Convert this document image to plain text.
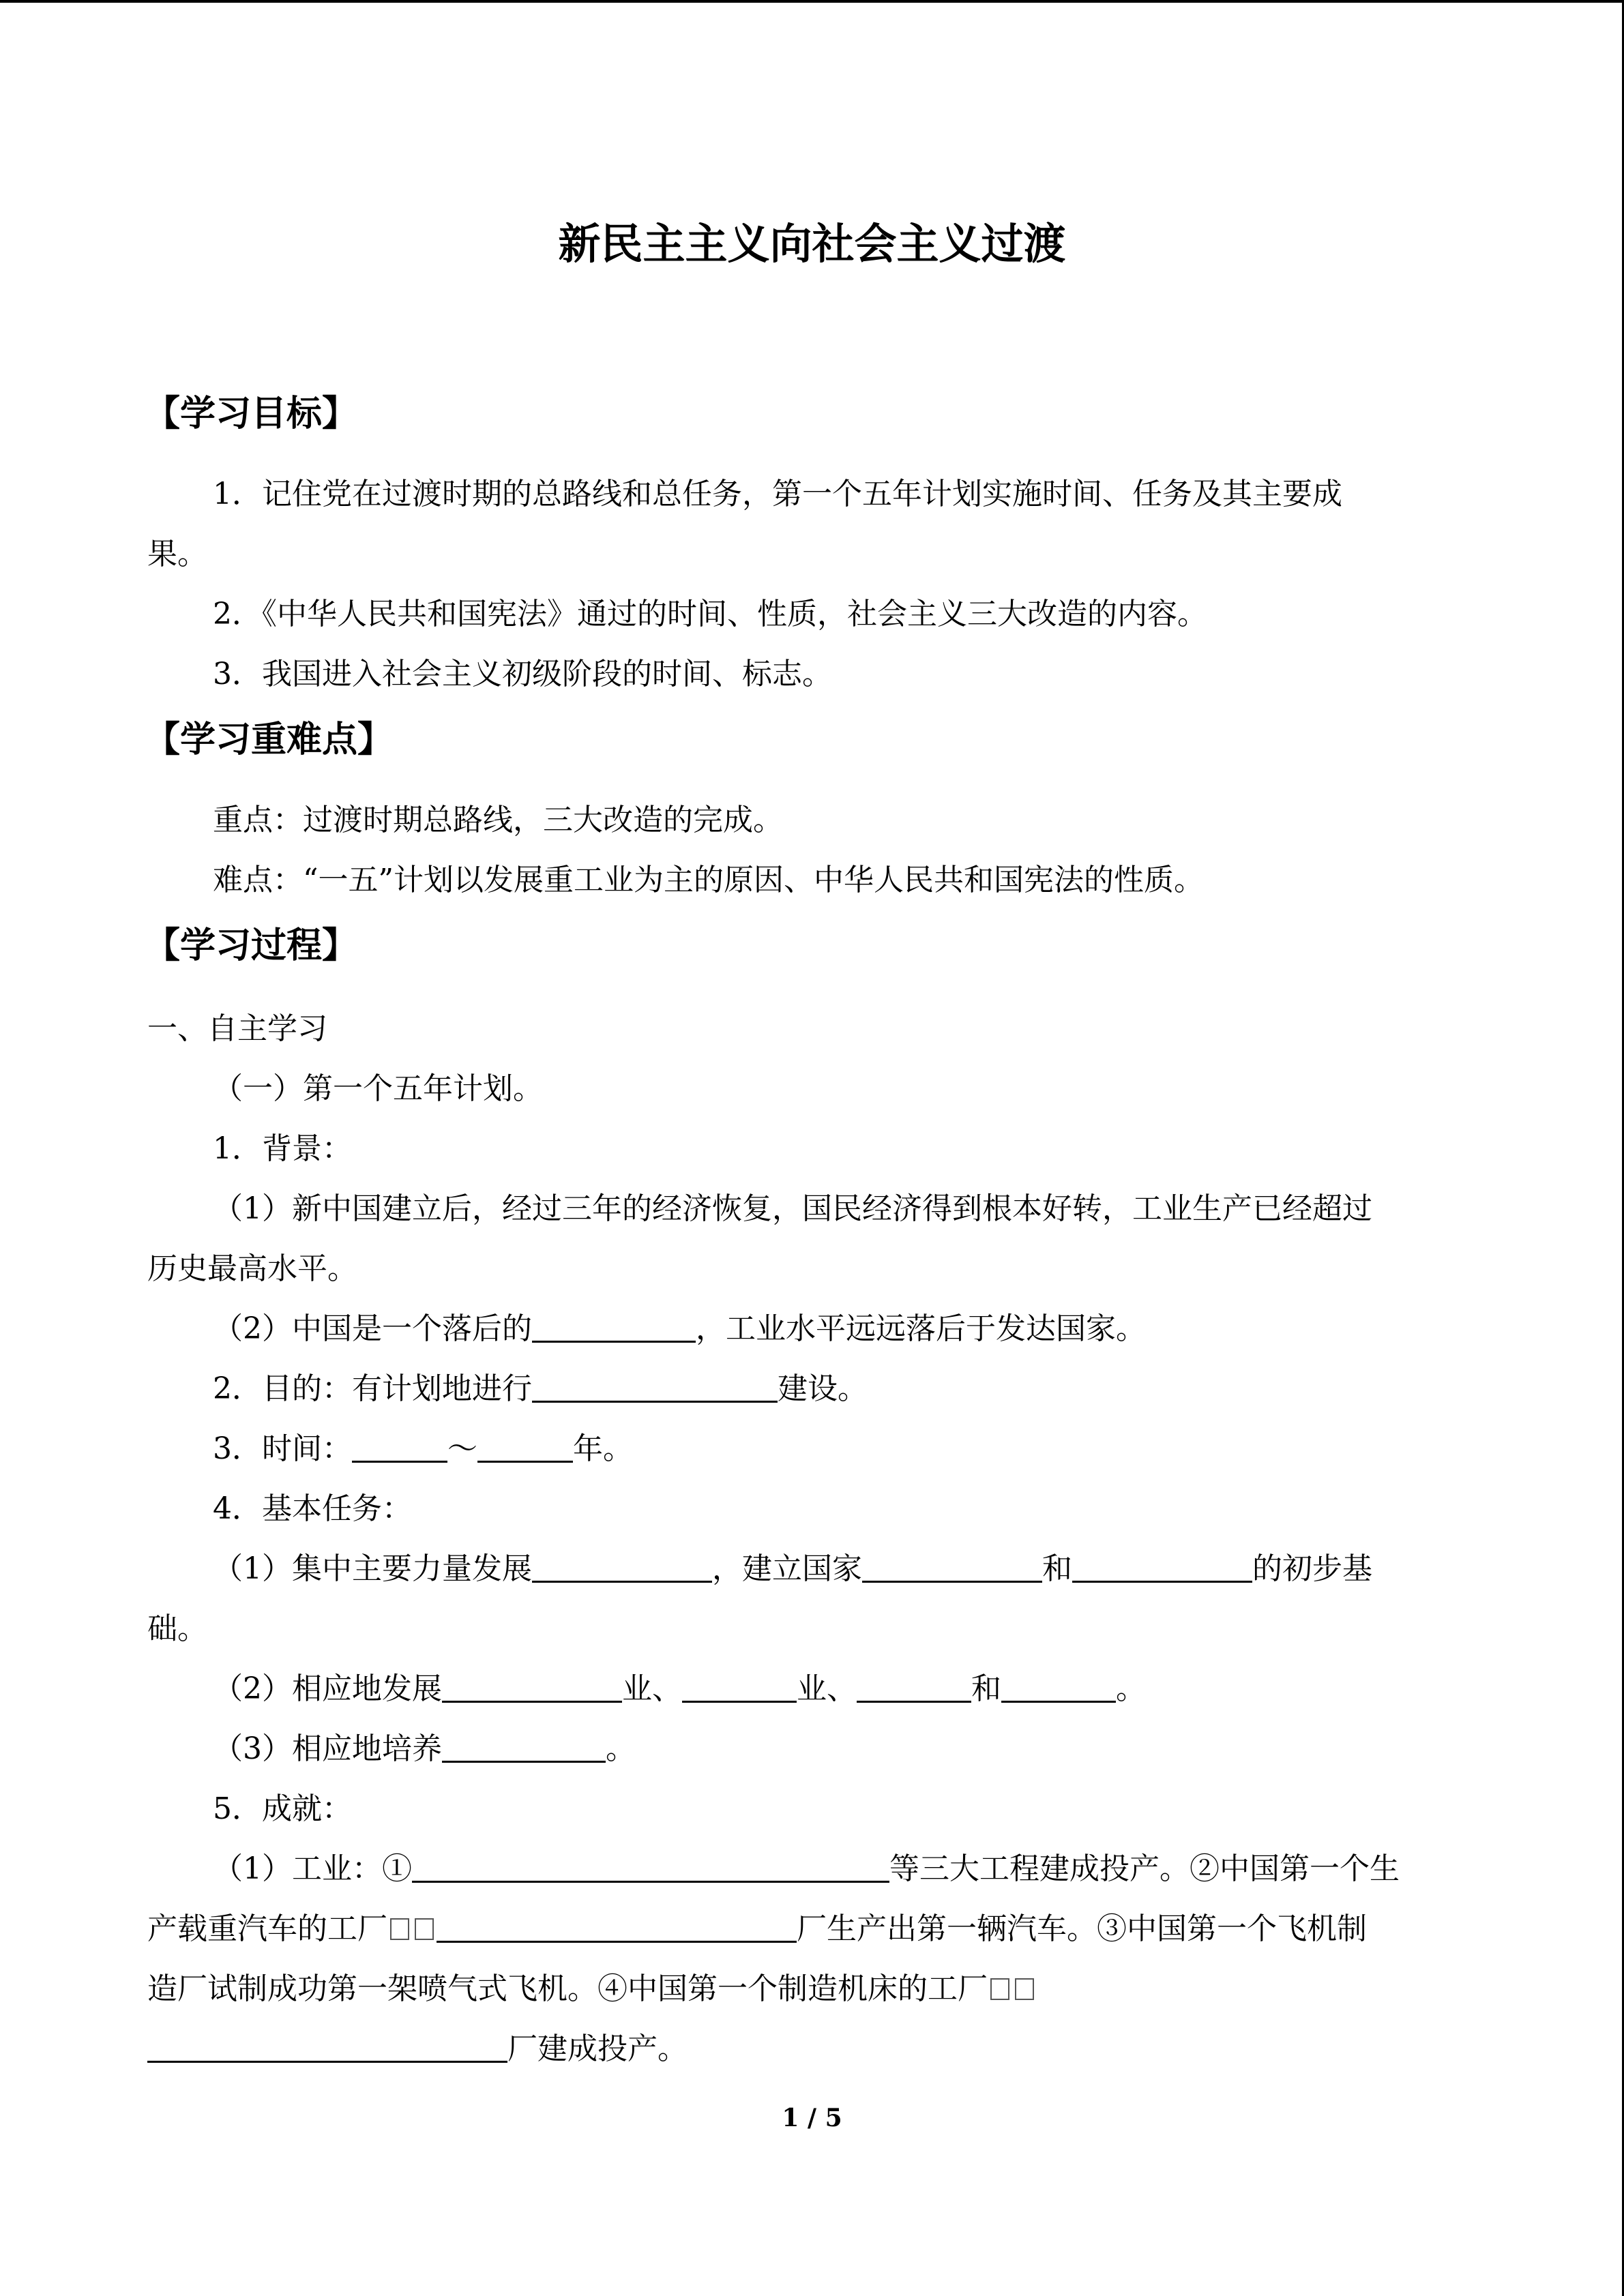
新民主主义向社会主义过渡
【学习目标】
1．记住党在过渡时期的总路线和总任务，第一个五年计划实施时间、任务及其主要成
果。
2．《中华人民共和国宪法》通过的时间、性质，社会主义三大改造的内容。
3．我国进入社会主义初级阶段的时间、标志。
【学习重难点】
重点：过渡时期总路线，三大改造的完成。
难点：“一五”计划以发展重工业为主的原因、中华人民共和国宪法的性质。
【学习过程】
一、自主学习
（一）第一个五年计划。
1．背景：
（1）新中国建立后，经过三年的经济恢复，国民经济得到根本好转，工业生产已经超过
历史最高水平。
（2）中国是一个落后的	，工业水平远远落后于发达国家。
2．目的：有计划地进行	建设。
3．时间：	～	年。
4．基本任务：
（1）集中主要力量发展	，建立国家	和	的初步基
础。
（2）相应地发展	业、	业、	和	。
（3）相应地培养	。
5．成就：
（1）工业：①	等三大工程建成投产。②中国第一个生
产载重汽车的工厂	厂生产出第一辆汽车。③中国第一个飞机制
造厂试制成功第一架喷气式飞机。④中国第一个制造机床的工厂
厂建成投产。
1 / 5
